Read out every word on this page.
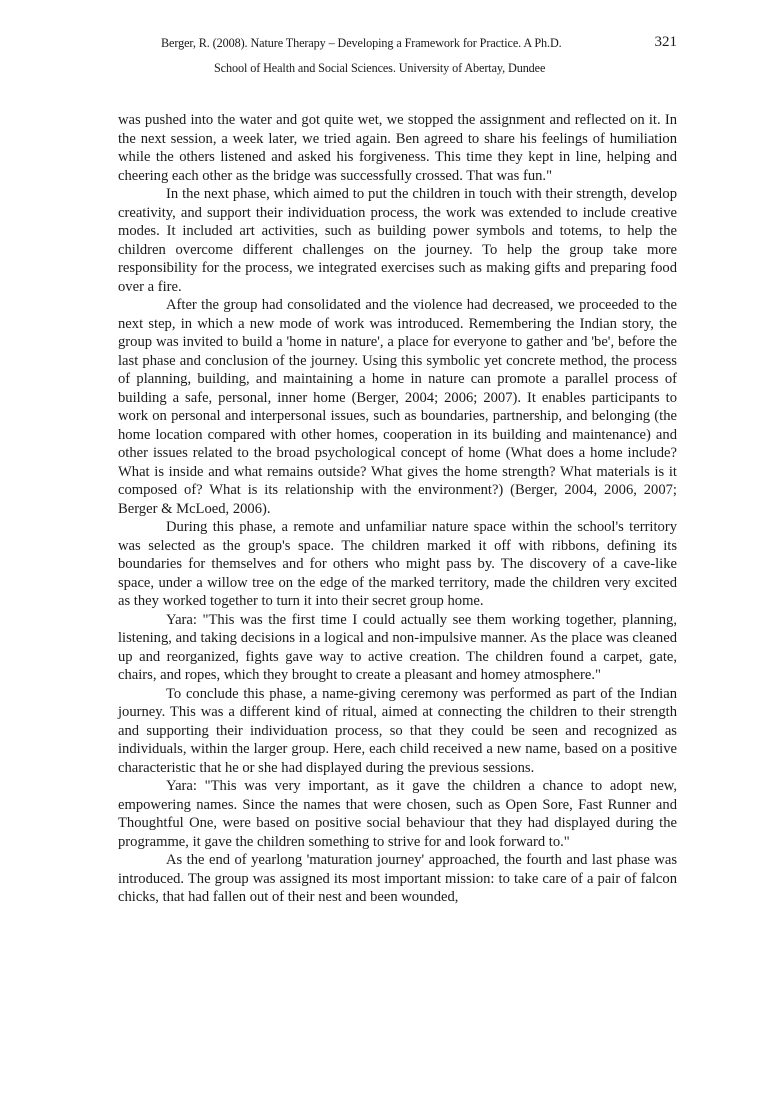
Berger, R. (2008). Nature Therapy – Developing a Framework for Practice. A Ph.D.	321
School of Health and Social Sciences. University of Abertay, Dundee

was pushed into the water and got quite wet, we stopped the assignment and reflected on it. In the next session, a week later, we tried again. Ben agreed to share his feelings of humiliation while the others listened and asked his forgiveness. This time they kept in line, helping and cheering each other as the bridge was successfully crossed. That was fun."

In the next phase, which aimed to put the children in touch with their strength, develop creativity, and support their individuation process, the work was extended to include creative modes. It included art activities, such as building power symbols and totems, to help the children overcome different challenges on the journey. To help the group take more responsibility for the process, we integrated exercises such as making gifts and preparing food over a fire.

After the group had consolidated and the violence had decreased, we proceeded to the next step, in which a new mode of work was introduced. Remembering the Indian story, the group was invited to build a 'home in nature', a place for everyone to gather and 'be', before the last phase and conclusion of the journey. Using this symbolic yet concrete method, the process of planning, building, and maintaining a home in nature can promote a parallel process of building a safe, personal, inner home (Berger, 2004; 2006; 2007). It enables participants to work on personal and interpersonal issues, such as boundaries, partnership, and belonging (the home location compared with other homes, cooperation in its building and maintenance) and other issues related to the broad psychological concept of home (What does a home include? What is inside and what remains outside? What gives the home strength? What materials is it composed of? What is its relationship with the environment?) (Berger, 2004, 2006, 2007; Berger & McLoed, 2006).

During this phase, a remote and unfamiliar nature space within the school's territory was selected as the group's space. The children marked it off with ribbons, defining its boundaries for themselves and for others who might pass by. The discovery of a cave-like space, under a willow tree on the edge of the marked territory, made the children very excited as they worked together to turn it into their secret group home.

Yara: "This was the first time I could actually see them working together, planning, listening, and taking decisions in a logical and non-impulsive manner. As the place was cleaned up and reorganized, fights gave way to active creation. The children found a carpet, gate, chairs, and ropes, which they brought to create a pleasant and homey atmosphere."

To conclude this phase, a name-giving ceremony was performed as part of the Indian journey. This was a different kind of ritual, aimed at connecting the children to their strength and supporting their individuation process, so that they could be seen and recognized as individuals, within the larger group. Here, each child received a new name, based on a positive characteristic that he or she had displayed during the previous sessions.

Yara: "This was very important, as it gave the children a chance to adopt new, empowering names. Since the names that were chosen, such as Open Sore, Fast Runner and Thoughtful One, were based on positive social behaviour that they had displayed during the programme, it gave the children something to strive for and look forward to."

As the end of yearlong 'maturation journey' approached, the fourth and last phase was introduced. The group was assigned its most important mission: to take care of a pair of falcon chicks, that had fallen out of their nest and been wounded,
